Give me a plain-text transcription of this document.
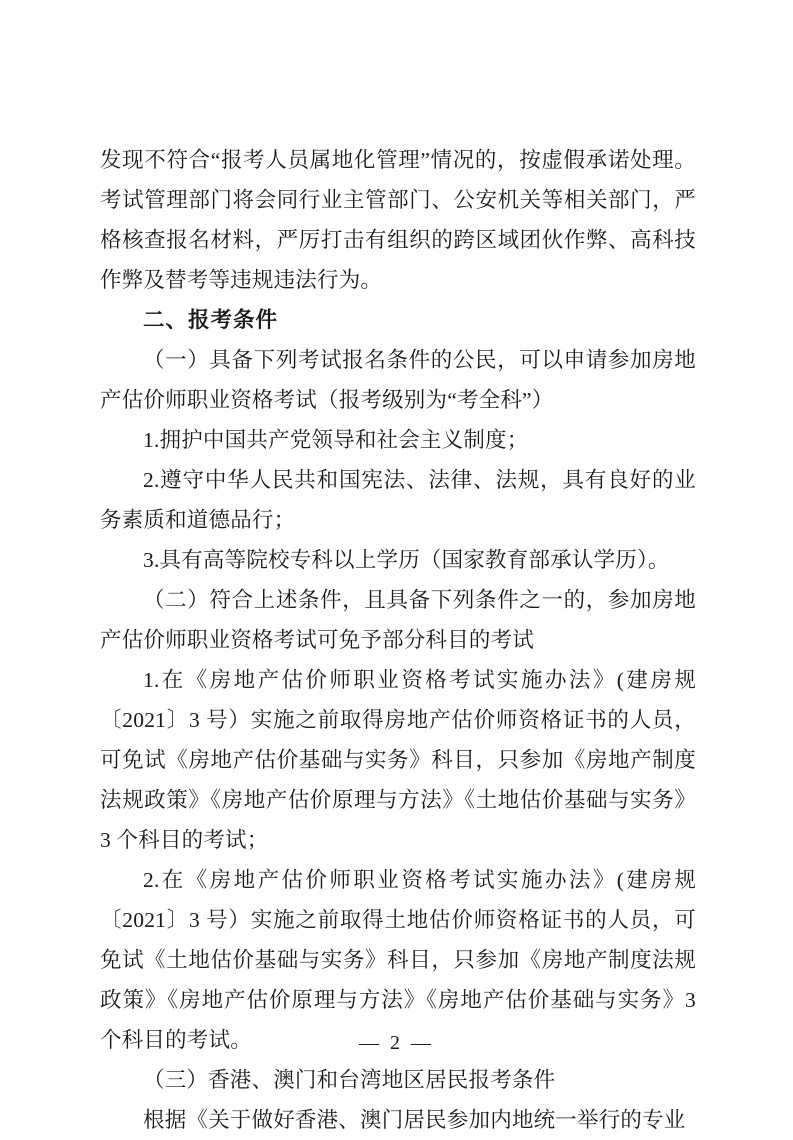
发现不符合“报考人员属地化管理”情况的，按虚假承诺处理。考试管理部门将会同行业主管部门、公安机关等相关部门，严格核查报名材料，严厉打击有组织的跨区域团伙作弊、高科技作弊及替考等违规违法行为。

二、报考条件

（一）具备下列考试报名条件的公民，可以申请参加房地产估价师职业资格考试（报考级别为“考全科”）

1.拥护中国共产党领导和社会主义制度；

2.遵守中华人民共和国宪法、法律、法规，具有良好的业务素质和道德品行；

3.具有高等院校专科以上学历（国家教育部承认学历）。

（二）符合上述条件，且具备下列条件之一的，参加房地产估价师职业资格考试可免予部分科目的考试

1.在《房地产估价师职业资格考试实施办法》(建房规〔2021〕3 号）实施之前取得房地产估价师资格证书的人员，可免试《房地产估价基础与实务》科目，只参加《房地产制度法规政策》《房地产估价原理与方法》《土地估价基础与实务》3 个科目的考试；

2.在《房地产估价师职业资格考试实施办法》(建房规〔2021〕3 号）实施之前取得土地估价师资格证书的人员，可免试《土地估价基础与实务》科目，只参加《房地产制度法规政策》《房地产估价原理与方法》《房地产估价基础与实务》3 个科目的考试。

（三）香港、澳门和台湾地区居民报考条件

根据《关于做好香港、澳门居民参加内地统一举行的专业

— 2 —
